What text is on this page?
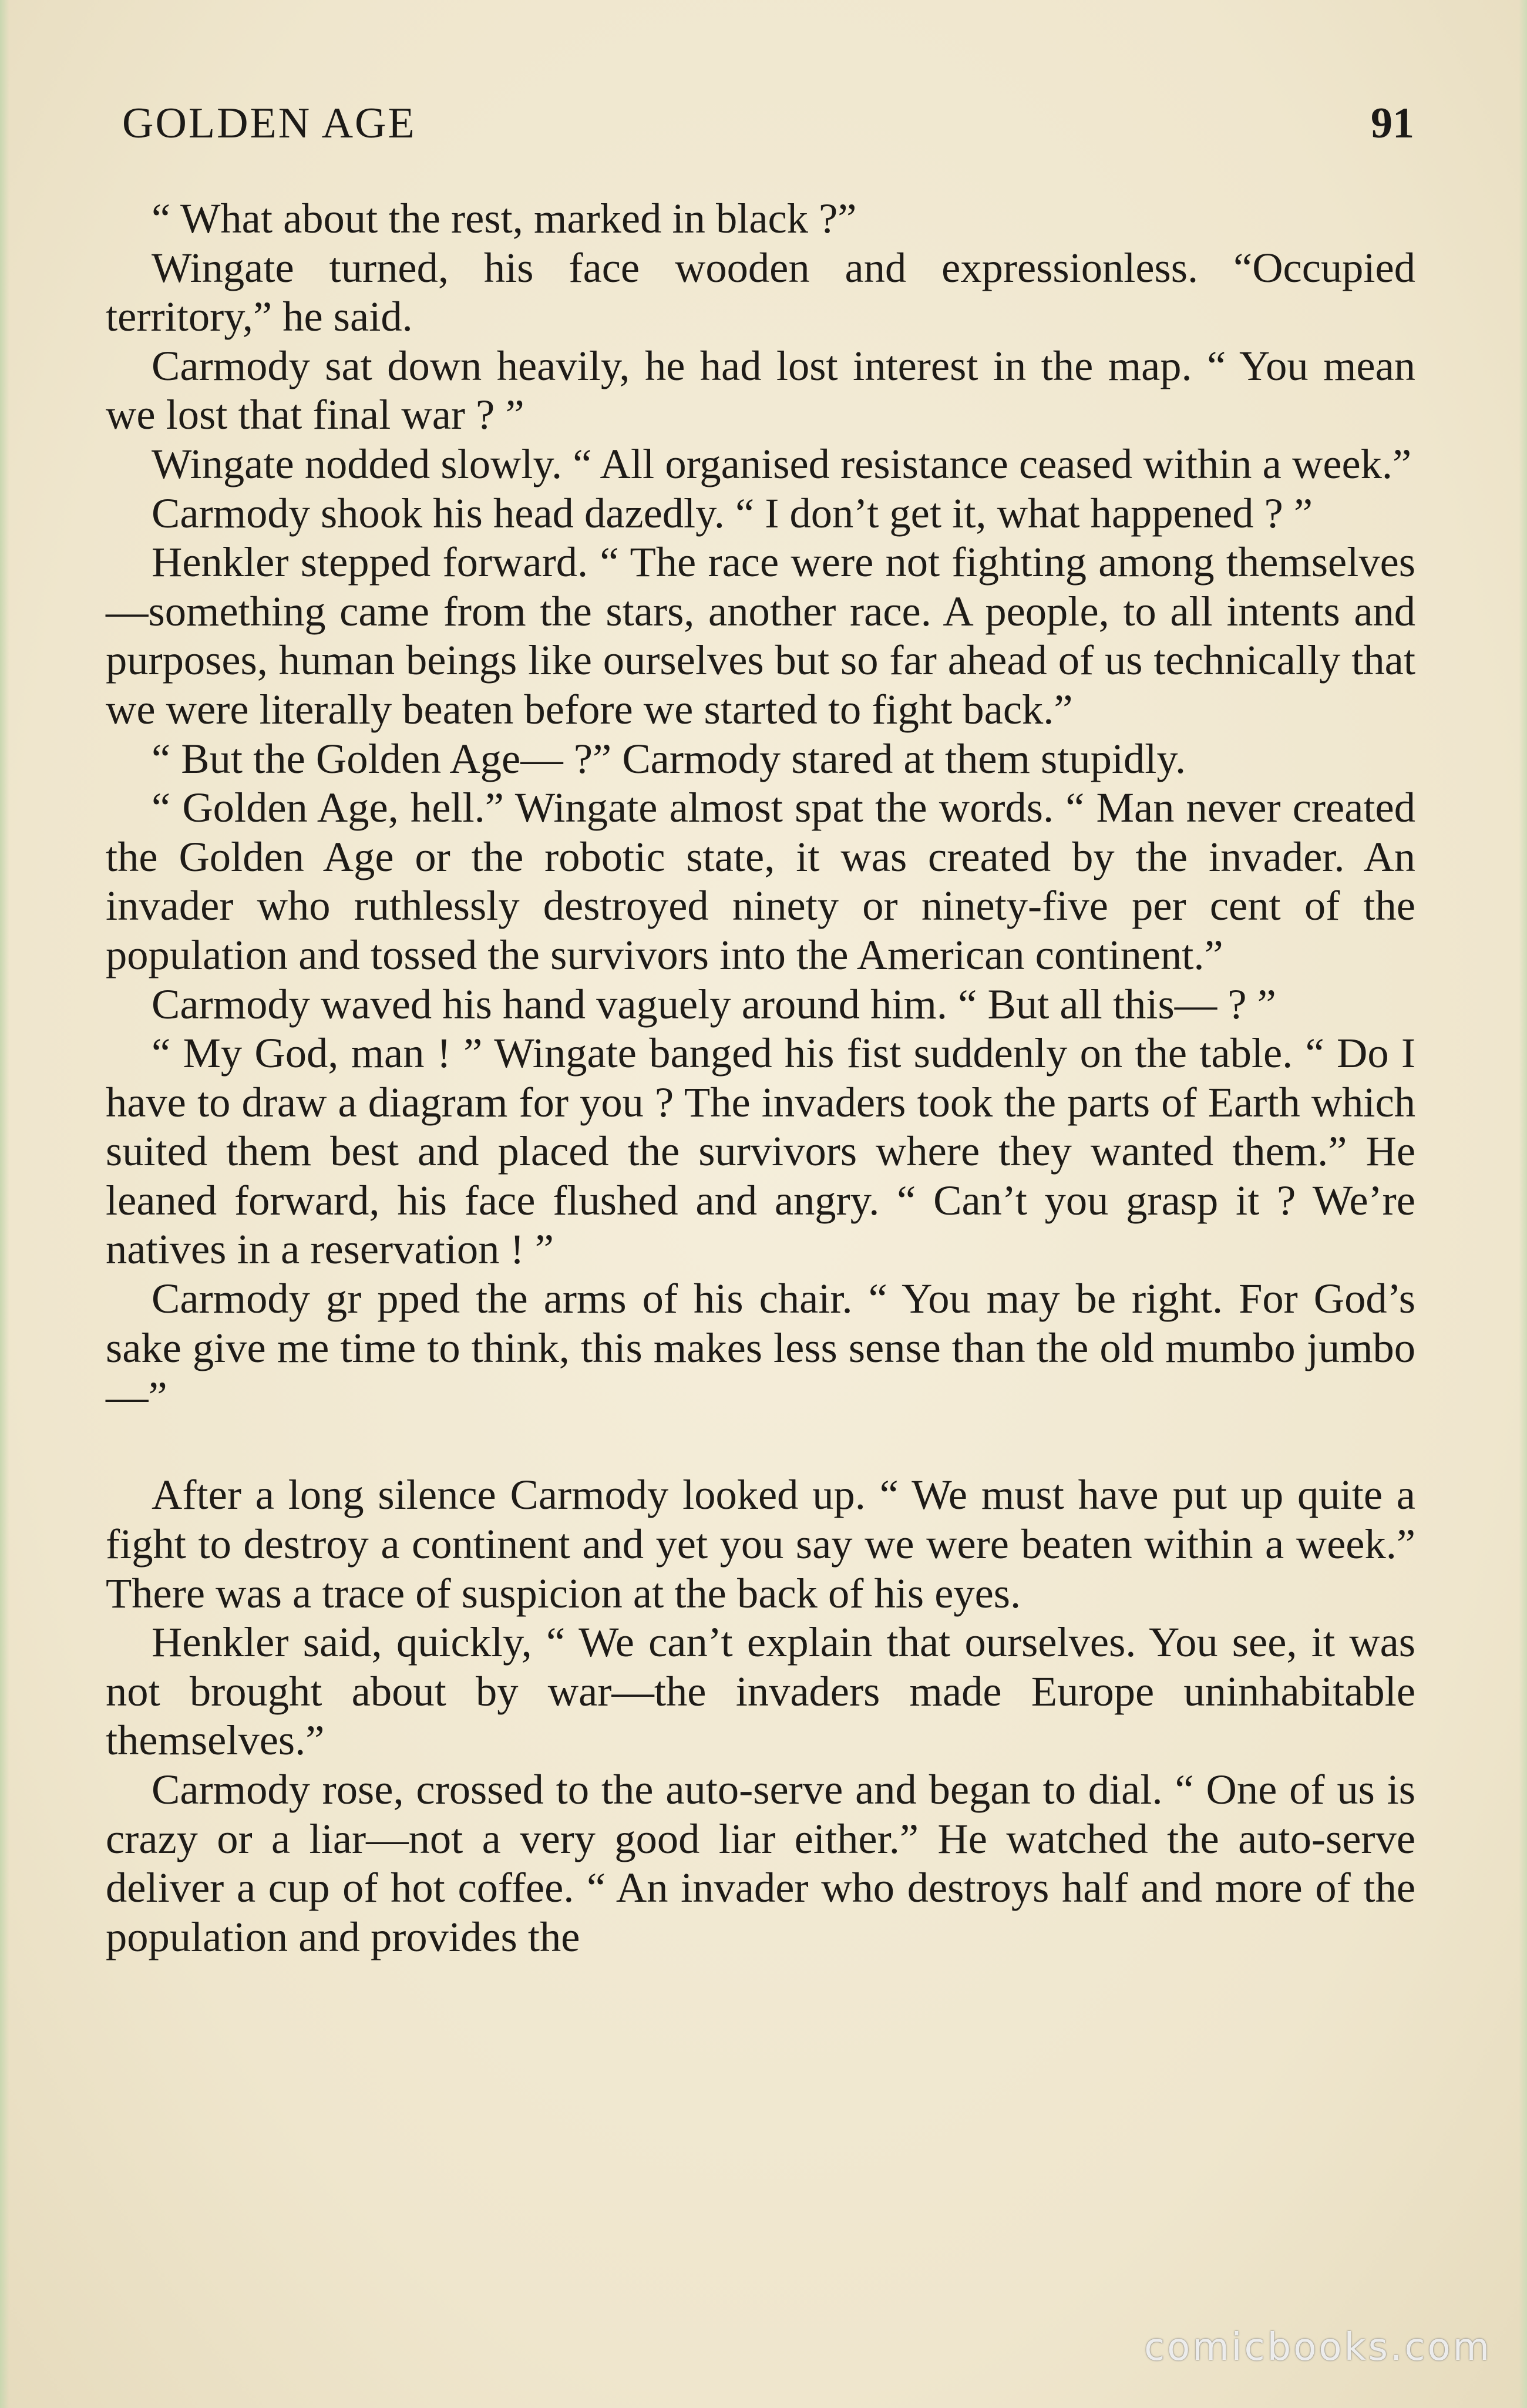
GOLDEN AGE	91

“ What about the rest, marked in black ?”

Wingate turned, his face wooden and expressionless. “Occupied territory,” he said.

Carmody sat down heavily, he had lost interest in the map. “ You mean we lost that final war ? ”

Wingate nodded slowly. “ All organised resistance ceased within a week.”

Carmody shook his head dazedly. “ I don’t get it, what happened ? ”

Henkler stepped forward. “ The race were not fighting among themselves—something came from the stars, another race. A people, to all intents and purposes, human beings like ourselves but so far ahead of us technically that we were literally beaten before we started to fight back.”

“ But the Golden Age— ?” Carmody stared at them stupidly.

“ Golden Age, hell.” Wingate almost spat the words. “ Man never created the Golden Age or the robotic state, it was created by the invader. An invader who ruthlessly destroyed ninety or ninety-five per cent of the population and tossed the survivors into the American continent.”

Carmody waved his hand vaguely around him. “ But all this— ? ”

“ My God, man ! ” Wingate banged his fist suddenly on the table. “ Do I have to draw a diagram for you ? The invaders took the parts of Earth which suited them best and placed the survivors where they wanted them.” He leaned forward, his face flushed and angry. “ Can’t you grasp it ? We’re natives in a reservation ! ”

Carmody gr pped the arms of his chair. “ You may be right. For God’s sake give me time to think, this makes less sense than the old mumbo jumbo—”

After a long silence Carmody looked up. “ We must have put up quite a fight to destroy a continent and yet you say we were beaten within a week.” There was a trace of suspicion at the back of his eyes.

Henkler said, quickly, “ We can’t explain that ourselves. You see, it was not brought about by war—the invaders made Europe uninhabitable themselves.”

Carmody rose, crossed to the auto-serve and began to dial. “ One of us is crazy or a liar—not a very good liar either.” He watched the auto-serve deliver a cup of hot coffee. “ An invader who destroys half and more of the population and provides the

comicbooks.com
